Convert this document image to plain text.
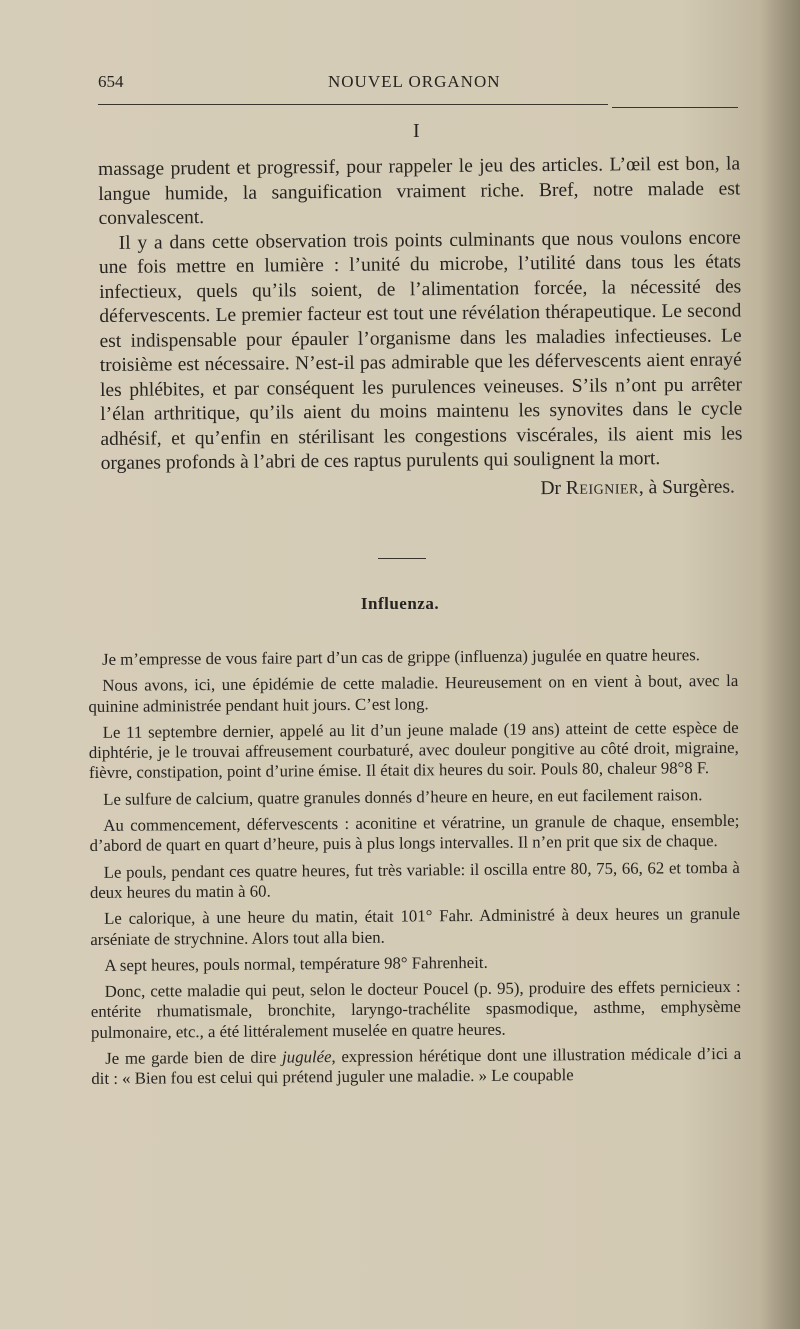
654	NOUVEL ORGANON
I

massage prudent et progressif, pour rappeler le jeu des articles. L’œil est bon, la langue humide, la sanguification vraiment riche. Bref, notre malade est convalescent.

Il y a dans cette observation trois points culminants que nous voulons encore une fois mettre en lumière : l’unité du microbe, l’utilité dans tous les états infectieux, quels qu’ils soient, de l’alimentation forcée, la nécessité des défervescents. Le premier facteur est tout une révélation thérapeutique. Le second est indispensable pour épauler l’organisme dans les maladies infectieuses. Le troisième est nécessaire. N’est-il pas admirable que les défervescents aient enrayé les phlébites, et par conséquent les purulences veineuses. S’ils n’ont pu arrêter l’élan arthritique, qu’ils aient du moins maintenu les synovites dans le cycle adhésif, et qu’enfin en stérilisant les congestions viscérales, ils aient mis les organes profonds à l’abri de ces raptus purulents qui soulignent la mort.

Dr Reignier, à Surgères.

Influenza.

Je m’empresse de vous faire part d’un cas de grippe (influenza) jugulée en quatre heures.

Nous avons, ici, une épidémie de cette maladie. Heureusement on en vient à bout, avec la quinine administrée pendant huit jours. C’est long.

Le 11 septembre dernier, appelé au lit d’un jeune malade (19 ans) atteint de cette espèce de diphtérie, je le trouvai affreusement courbaturé, avec douleur pongitive au côté droit, migraine, fièvre, constipation, point d’urine émise. Il était dix heures du soir. Pouls 80, chaleur 98°8 F.

Le sulfure de calcium, quatre granules donnés d’heure en heure, en eut facilement raison.

Au commencement, défervescents : aconitine et vératrine, un granule de chaque, ensemble; d’abord de quart en quart d’heure, puis à plus longs intervalles. Il n’en prit que six de chaque.

Le pouls, pendant ces quatre heures, fut très variable: il oscilla entre 80, 75, 66, 62 et tomba à deux heures du matin à 60.

Le calorique, à une heure du matin, était 101° Fahr. Administré à deux heures un granule arséniate de strychnine. Alors tout alla bien.

A sept heures, pouls normal, température 98° Fahrenheit.

Donc, cette maladie qui peut, selon le docteur Poucel (p. 95), produire des effets pernicieux : entérite rhumatismale, bronchite, laryngo-trachélite spasmodique, asthme, emphysème pulmonaire, etc., a été littéralement muselée en quatre heures.

Je me garde bien de dire jugulée, expression hérétique dont une illustration médicale d’ici a dit : « Bien fou est celui qui prétend juguler une maladie. » Le coupable
